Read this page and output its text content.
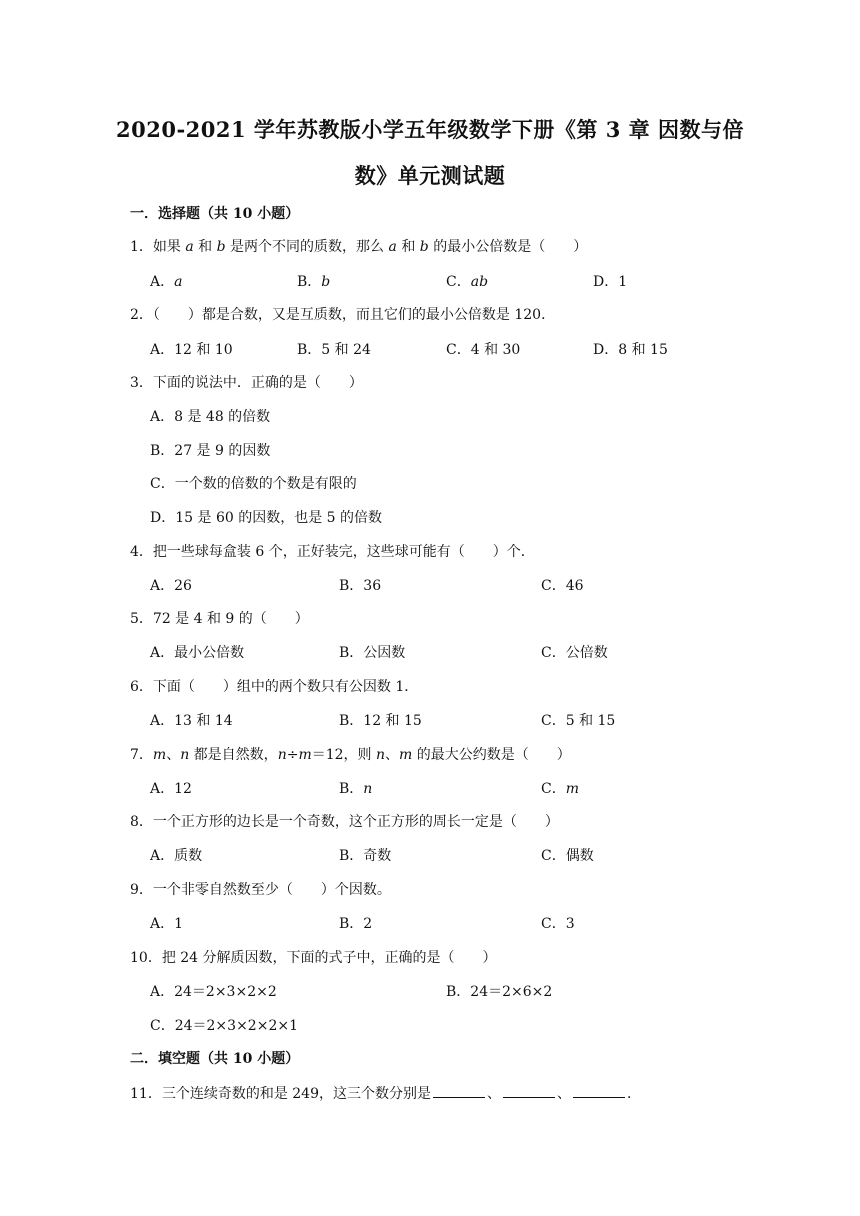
2020-2021 学年苏教版小学五年级数学下册《第 3 章 因数与倍
数》单元测试题
一．选择题（共 10 小题）
1．如果 a 和 b 是两个不同的质数，那么 a 和 b 的最小公倍数是（　　）
A．a	B．b	C．ab	D．1
2．（　　）都是合数，又是互质数，而且它们的最小公倍数是 120．
A．12 和 10	B．5 和 24	C．4 和 30	D．8 和 15
3．下面的说法中．正确的是（　　）
A．8 是 48 的倍数
B．27 是 9 的因数
C．一个数的倍数的个数是有限的
D．15 是 60 的因数，也是 5 的倍数
4．把一些球每盒装 6 个，正好装完，这些球可能有（　　）个．
A．26	B．36	C．46
5．72 是 4 和 9 的（　　）
A．最小公倍数	B．公因数	C．公倍数
6．下面（　　）组中的两个数只有公因数 1．
A．13 和 14	B．12 和 15	C．5 和 15
7．m、n 都是自然数，n÷m＝12，则 n、m 的最大公约数是（　　）
A．12	B．n	C．m
8．一个正方形的边长是一个奇数，这个正方形的周长一定是（　　）
A．质数	B．奇数	C．偶数
9．一个非零自然数至少（　　）个因数。
A．1	B．2	C．3
10．把 24 分解质因数，下面的式子中，正确的是（　　）
A．24＝2×3×2×2	B．24＝2×6×2
C．24＝2×3×2×2×1
二．填空题（共 10 小题）
11．三个连续奇数的和是 249，这三个数分别是	、	、	．
